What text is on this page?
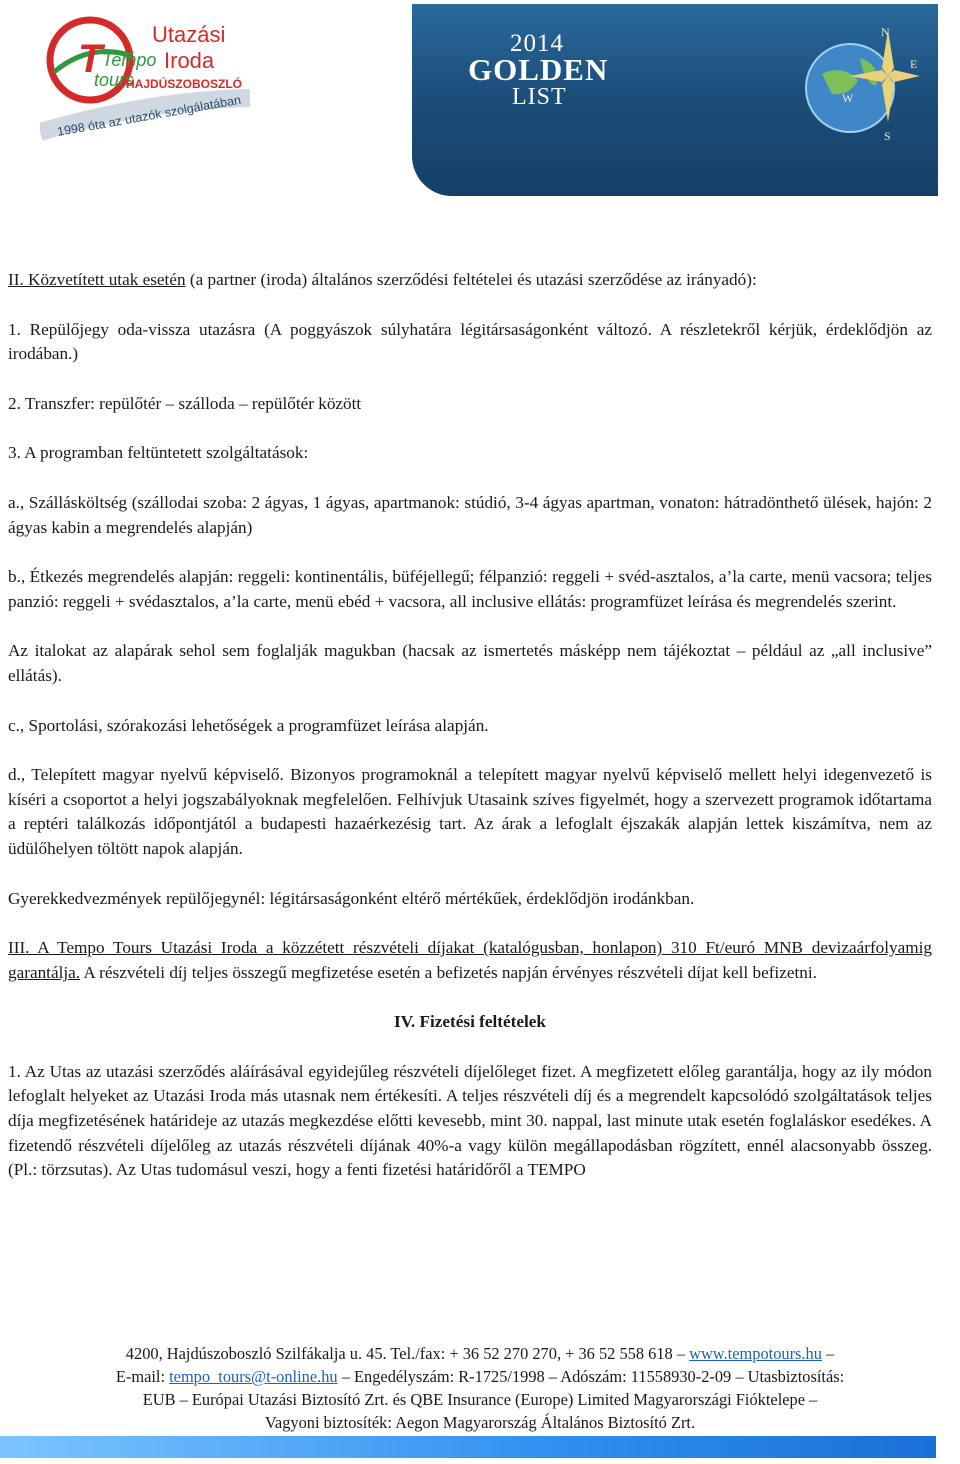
T Tempo
tours
Utazási
Iroda
HAJDÚSZOBOSZLÓ
1998 óta az utazók szolgálatában
2014
GOLDEN
LIST
N
E
W
S

II. Közvetített utak esetén (a partner (iroda) általános szerződési feltételei és utazási szerződése az irányadó):

1. Repülőjegy oda-vissza utazásra (A poggyászok súlyhatára légitársaságonként változó. A részletekről kérjük, érdeklődjön az irodában.)

2. Transzfer: repülőtér – szálloda – repülőtér között

3. A programban feltüntetett szolgáltatások:

a., Szállásköltség (szállodai szoba: 2 ágyas, 1 ágyas, apartmanok: stúdió, 3-4 ágyas apartman, vonaton: hátradönthető ülések, hajón: 2 ágyas kabin a megrendelés alapján)

b., Étkezés megrendelés alapján: reggeli: kontinentális, büféjellegű; félpanzió: reggeli + svéd-asztalos, a’la carte, menü vacsora; teljes panzió: reggeli + svédasztalos, a’la carte, menü ebéd + vacsora, all inclusive ellátás: programfüzet leírása és megrendelés szerint.

Az italokat az alapárak sehol sem foglalják magukban (hacsak az ismertetés másképp nem tájékoztat – például az „all inclusive” ellátás).

c., Sportolási, szórakozási lehetőségek a programfüzet leírása alapján.

d., Telepített magyar nyelvű képviselő. Bizonyos programoknál a telepített magyar nyelvű képviselő mellett helyi idegenvezető is kíséri a csoportot a helyi jogszabályoknak megfelelően. Felhívjuk Utasaink szíves figyelmét, hogy a szervezett programok időtartama a reptéri találkozás időpontjától a budapesti hazaérkezésig tart. Az árak a lefoglalt éjszakák alapján lettek kiszámítva, nem az üdülőhelyen töltött napok alapján.

Gyerekkedvezmények repülőjegynél: légitársaságonként eltérő mértékűek, érdeklődjön irodánkban.

III. A Tempo Tours Utazási Iroda a közzétett részvételi díjakat (katalógusban, honlapon) 310 Ft/euró MNB devizaárfolyamig garantálja. A részvételi díj teljes összegű megfizetése esetén a befizetés napján érvényes részvételi díjat kell befizetni.

IV. Fizetési feltételek

1. Az Utas az utazási szerződés aláírásával egyidejűleg részvételi díjelőleget fizet. A megfizetett előleg garantálja, hogy az ily módon lefoglalt helyeket az Utazási Iroda más utasnak nem értékesíti. A teljes részvételi díj és a megrendelt kapcsolódó szolgáltatások teljes díja megfizetésének határideje az utazás megkezdése előtti kevesebb, mint 30. nappal, last minute utak esetén foglaláskor esedékes. A fizetendő részvételi díjelőleg az utazás részvételi díjának 40%-a vagy külön megállapodásban rögzített, ennél alacsonyabb összeg. (Pl.: törzsutas). Az Utas tudomásul veszi, hogy a fenti fizetési határidőről a TEMPO

4200, Hajdúszoboszló Szilfákalja u. 45. Tel./fax: + 36 52 270 270, + 36 52 558 618 – www.tempotours.hu –
E-mail: tempo_tours@t-online.hu – Engedélyszám: R-1725/1998 – Adószám: 11558930-2-09 – Utasbiztosítás:
EUB – Európai Utazási Biztosító Zrt. és QBE Insurance (Europe) Limited Magyarországi Fióktelepe –
Vagyoni biztosíték: Aegon Magyarország Általános Biztosító Zrt.
